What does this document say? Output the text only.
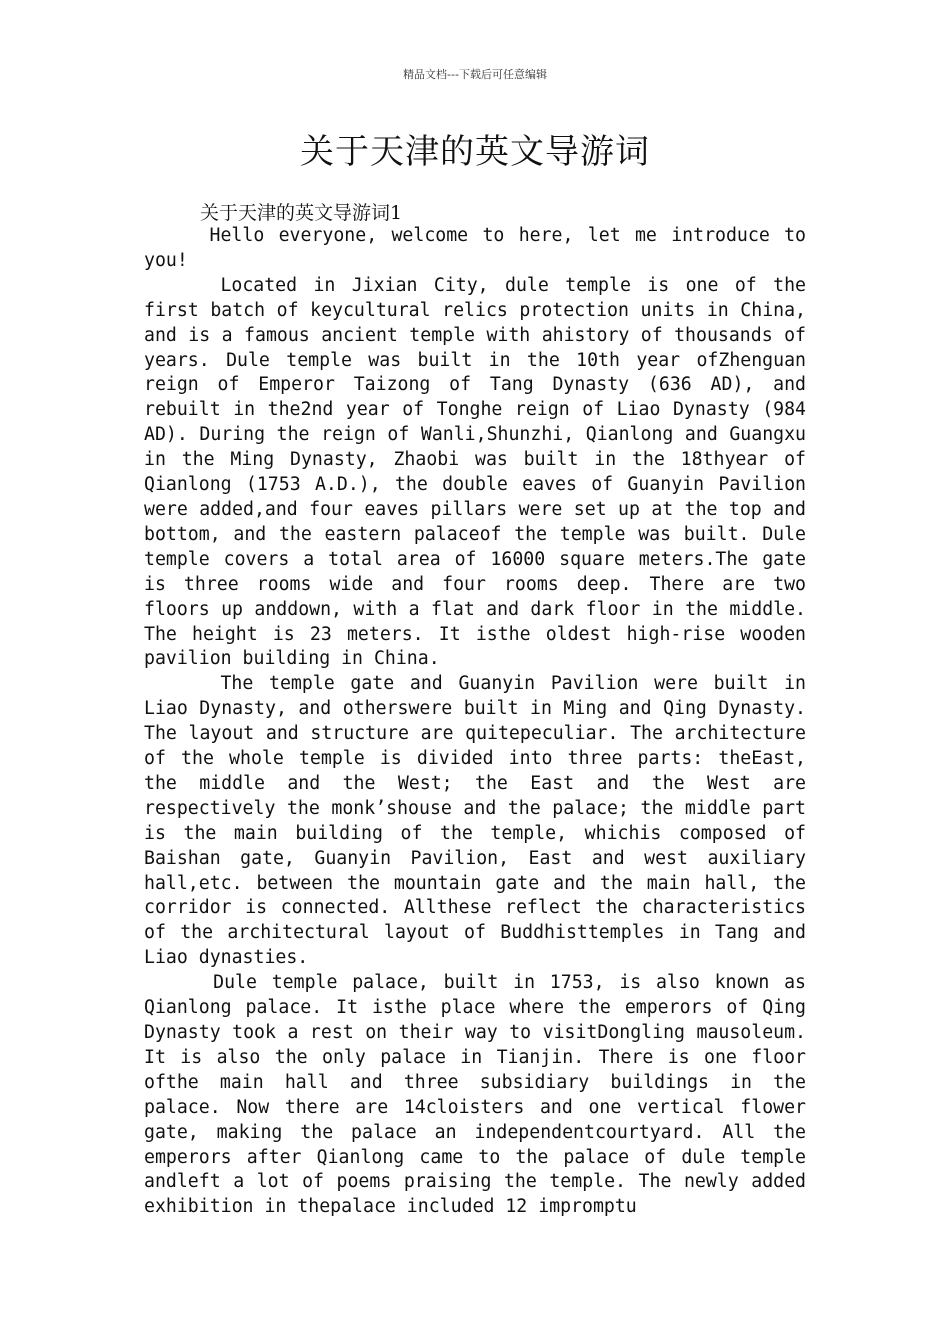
精品文档---下载后可任意编辑
关于天津的英文导游词
关于天津的英文导游词1

Hello everyone, welcome to here, let me introduce to you!

Located in Jixian City, dule temple is one of the first batch of keycultural relics protection units in China, and is a famous ancient temple with ahistory of thousands of years. Dule temple was built in the 10th year ofZhenguan reign of Emperor Taizong of Tang Dynasty (636 AD), and rebuilt in the2nd year of Tonghe reign of Liao Dynasty (984 AD). During the reign of Wanli,Shunzhi, Qianlong and Guangxu in the Ming Dynasty, Zhaobi was built in the 18thyear of Qianlong (1753 A.D.), the double eaves of Guanyin Pavilion were added,and four eaves pillars were set up at the top and bottom, and the eastern palaceof the temple was built. Dule temple covers a total area of 16000 square meters.The gate is three rooms wide and four rooms deep. There are two floors up anddown, with a flat and dark floor in the middle. The height is 23 meters. It isthe oldest high-rise wooden pavilion building in China.

The temple gate and Guanyin Pavilion were built in Liao Dynasty, and otherswere built in Ming and Qing Dynasty. The layout and structure are quitepeculiar. The architecture of the whole temple is divided into three parts: theEast, the middle and the West; the East and the West are respectively the monk’shouse and the palace; the middle part is the main building of the temple, whichis composed of Baishan gate, Guanyin Pavilion, East and west auxiliary hall,etc. between the mountain gate and the main hall, the corridor is connected. Allthese reflect the characteristics of the architectural layout of Buddhisttemples in Tang and Liao dynasties.

Dule temple palace, built in 1753, is also known as Qianlong palace. It isthe place where the emperors of Qing Dynasty took a rest on their way to visitDongling mausoleum. It is also the only palace in Tianjin. There is one floor ofthe main hall and three subsidiary buildings in the palace. Now there are 14cloisters and one vertical flower gate, making the palace an independentcourtyard. All the emperors after Qianlong came to the palace of dule temple andleft a lot of poems praising the temple. The newly added exhibition in thepalace included 12 impromptu
